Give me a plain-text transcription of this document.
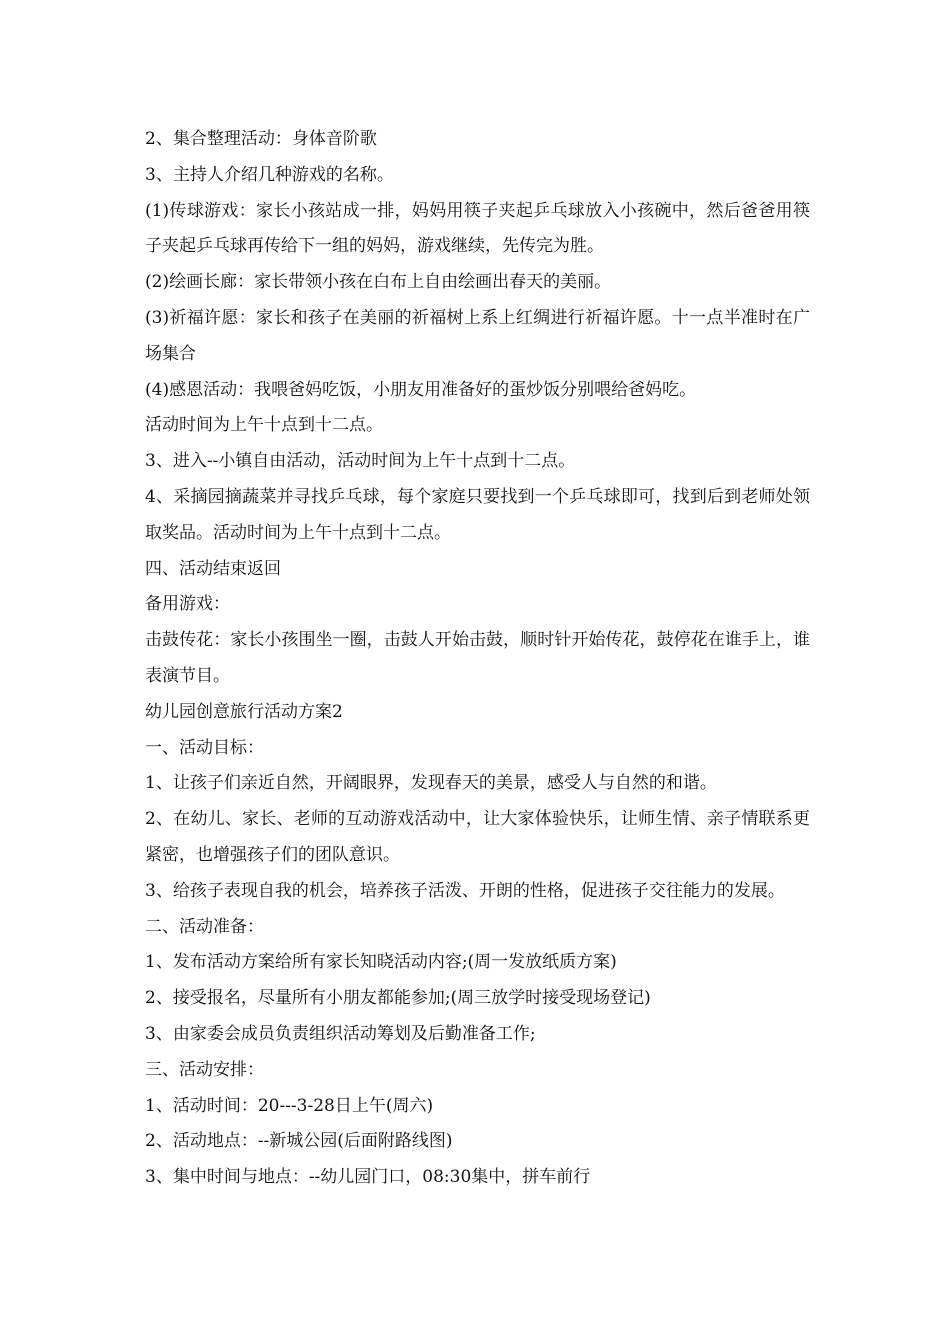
2、集合整理活动：身体音阶歌

3、主持人介绍几种游戏的名称。

(1)传球游戏：家长小孩站成一排，妈妈用筷子夹起乒乓球放入小孩碗中，然后爸爸用筷子夹起乒乓球再传给下一组的妈妈，游戏继续，先传完为胜。

(2)绘画长廊：家长带领小孩在白布上自由绘画出春天的美丽。

(3)祈福许愿：家长和孩子在美丽的祈福树上系上红绸进行祈福许愿。十一点半准时在广场集合

(4)感恩活动：我喂爸妈吃饭，小朋友用准备好的蛋炒饭分别喂给爸妈吃。

活动时间为上午十点到十二点。

3、进入--小镇自由活动，活动时间为上午十点到十二点。

4、采摘园摘蔬菜并寻找乒乓球，每个家庭只要找到一个乒乓球即可，找到后到老师处领取奖品。活动时间为上午十点到十二点。

四、活动结束返回

备用游戏：

击鼓传花：家长小孩围坐一圈，击鼓人开始击鼓，顺时针开始传花，鼓停花在谁手上，谁表演节目。

幼儿园创意旅行活动方案2

一、活动目标：

1、让孩子们亲近自然，开阔眼界，发现春天的美景，感受人与自然的和谐。

2、在幼儿、家长、老师的互动游戏活动中，让大家体验快乐，让师生情、亲子情联系更紧密，也增强孩子们的团队意识。

3、给孩子表现自我的机会，培养孩子活泼、开朗的性格，促进孩子交往能力的发展。

二、活动准备：

1、发布活动方案给所有家长知晓活动内容;(周一发放纸质方案)

2、接受报名，尽量所有小朋友都能参加;(周三放学时接受现场登记)

3、由家委会成员负责组织活动筹划及后勤准备工作;

三、活动安排：

1、活动时间：20---3-28日上午(周六)

2、活动地点：--新城公园(后面附路线图)

3、集中时间与地点：--幼儿园门口，08:30集中，拼车前行
